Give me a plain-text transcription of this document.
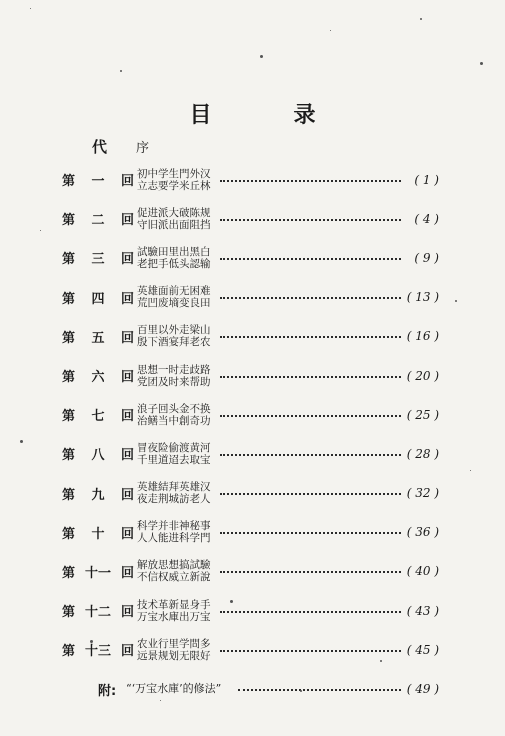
目　录
代 序
第 一 回
初中学生門外汉
立志要学米丘林	( 1 )
第 二 回
促进派大破陈规
守旧派出面阻挡	( 4 )
第 三 回
試驗田里出黑白
老把手低头認输	( 9 )
第 四 回
英雄面前无困难
荒凹废墒变良田	( 13 )
第 五 回
百里以外走梁山
殷下酒宴拜老农	( 16 )
第 六 回
思想一时走歧路
党团及时来帮助	( 20 )
第 七 回
浪子回头金不换
治鳝当中創奇功	( 25 )
第 八 回
冒夜险偷渡黄河
千里道迢去取宝	( 28 )
第 九 回
英雄結拜英雄汉
夜走荆城訪老人	( 32 )
第 十 回
科学并非神秘事
人人能进科学門	( 36 )
第 十一 回
解放思想搞試驗
不信权威立新說	( 40 )
第 十二 回
技术革新显身手
万宝水庫出万宝	( 43 )
第 十三 回
农业行里学問多
远景规划无限好	( 45 )
附: “‘万宝水庫’的修法”	( 49 )
